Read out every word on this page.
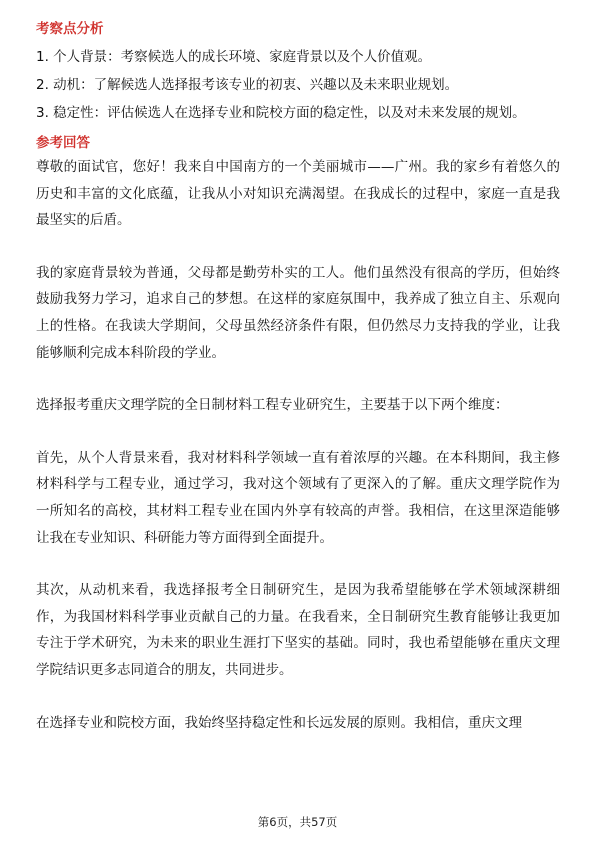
考察点分析

1. 个人背景：考察候选人的成长环境、家庭背景以及个人价值观。

2. 动机：了解候选人选择报考该专业的初衷、兴趣以及未来职业规划。

3. 稳定性：评估候选人在选择专业和院校方面的稳定性，以及对未来发展的规划。

参考回答

尊敬的面试官，您好！我来自中国南方的一个美丽城市——广州。我的家乡有着悠久的历史和丰富的文化底蕴，让我从小对知识充满渴望。在我成长的过程中，家庭一直是我最坚实的后盾。

我的家庭背景较为普通，父母都是勤劳朴实的工人。他们虽然没有很高的学历，但始终鼓励我努力学习，追求自己的梦想。在这样的家庭氛围中，我养成了独立自主、乐观向上的性格。在我读大学期间，父母虽然经济条件有限，但仍然尽力支持我的学业，让我能够顺利完成本科阶段的学业。

选择报考重庆文理学院的全日制材料工程专业研究生，主要基于以下两个维度：

首先，从个人背景来看，我对材料科学领域一直有着浓厚的兴趣。在本科期间，我主修材料科学与工程专业，通过学习，我对这个领域有了更深入的了解。重庆文理学院作为一所知名的高校，其材料工程专业在国内外享有较高的声誉。我相信，在这里深造能够让我在专业知识、科研能力等方面得到全面提升。

其次，从动机来看，我选择报考全日制研究生，是因为我希望能够在学术领域深耕细作，为我国材料科学事业贡献自己的力量。在我看来，全日制研究生教育能够让我更加专注于学术研究，为未来的职业生涯打下坚实的基础。同时，我也希望能够在重庆文理学院结识更多志同道合的朋友，共同进步。

在选择专业和院校方面，我始终坚持稳定性和长远发展的原则。我相信，重庆文理

第6页，共57页
